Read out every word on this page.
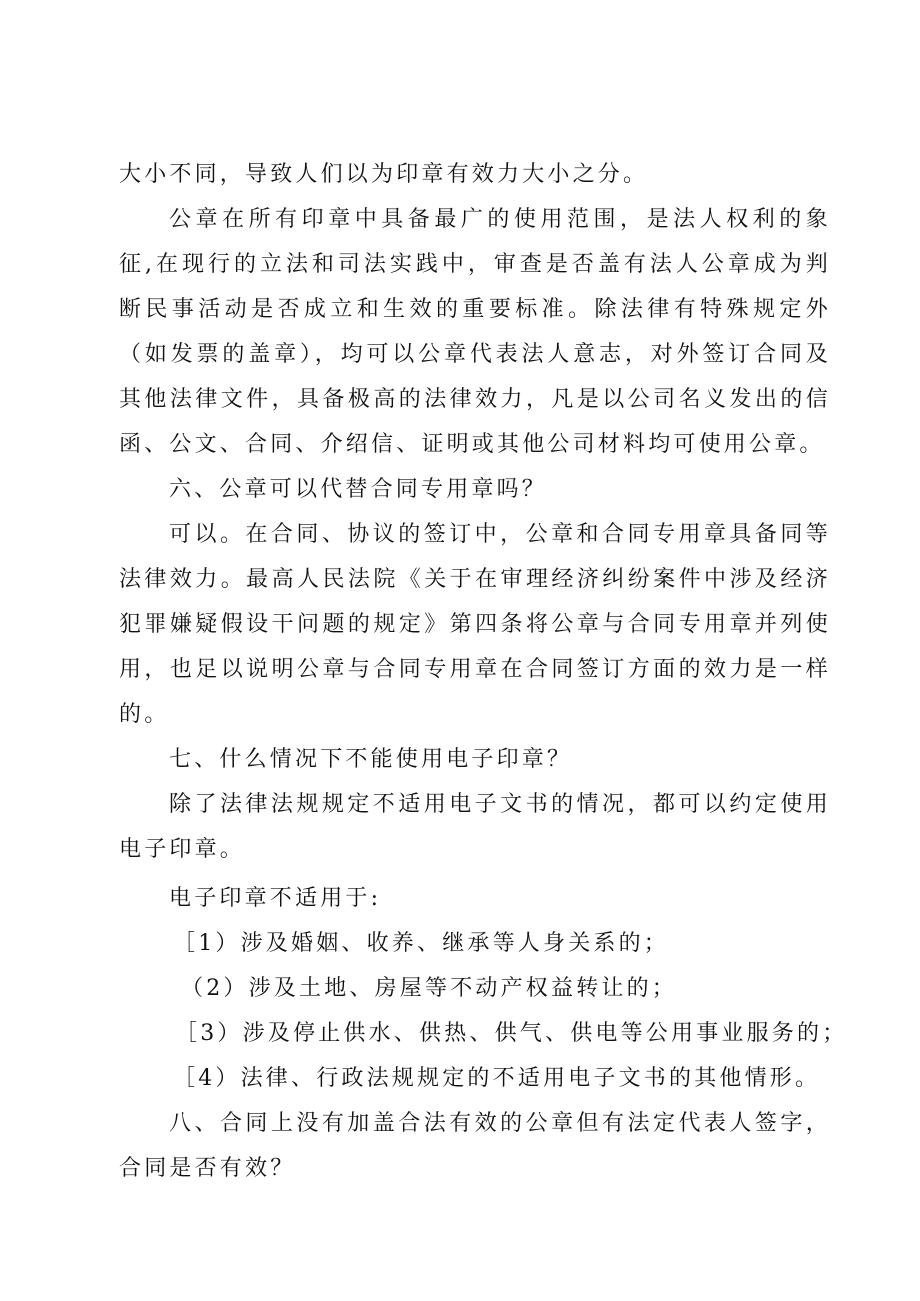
大小不同，导致人们以为印章有效力大小之分。

公章在所有印章中具备最广的使用范围，是法人权利的象征,在现行的立法和司法实践中，审查是否盖有法人公章成为判断民事活动是否成立和生效的重要标准。除法律有特殊规定外（如发票的盖章），均可以公章代表法人意志，对外签订合同及其他法律文件，具备极高的法律效力，凡是以公司名义发出的信函、公文、合同、介绍信、证明或其他公司材料均可使用公章。

六、公章可以代替合同专用章吗？

可以。在合同、协议的签订中，公章和合同专用章具备同等法律效力。最高人民法院《关于在审理经济纠纷案件中涉及经济犯罪嫌疑假设干问题的规定》第四条将公章与合同专用章并列使用，也足以说明公章与合同专用章在合同签订方面的效力是一样的。

七、什么情况下不能使用电子印章？

除了法律法规规定不适用电子文书的情况，都可以约定使用电子印章。

电子印章不适用于:

［1）涉及婚姻、收养、继承等人身关系的；

（2）涉及土地、房屋等不动产权益转让的；

［3）涉及停止供水、供热、供气、供电等公用事业服务的；

［4）法律、行政法规规定的不适用电子文书的其他情形。

八、合同上没有加盖合法有效的公章但有法定代表人签字，合同是否有效？
